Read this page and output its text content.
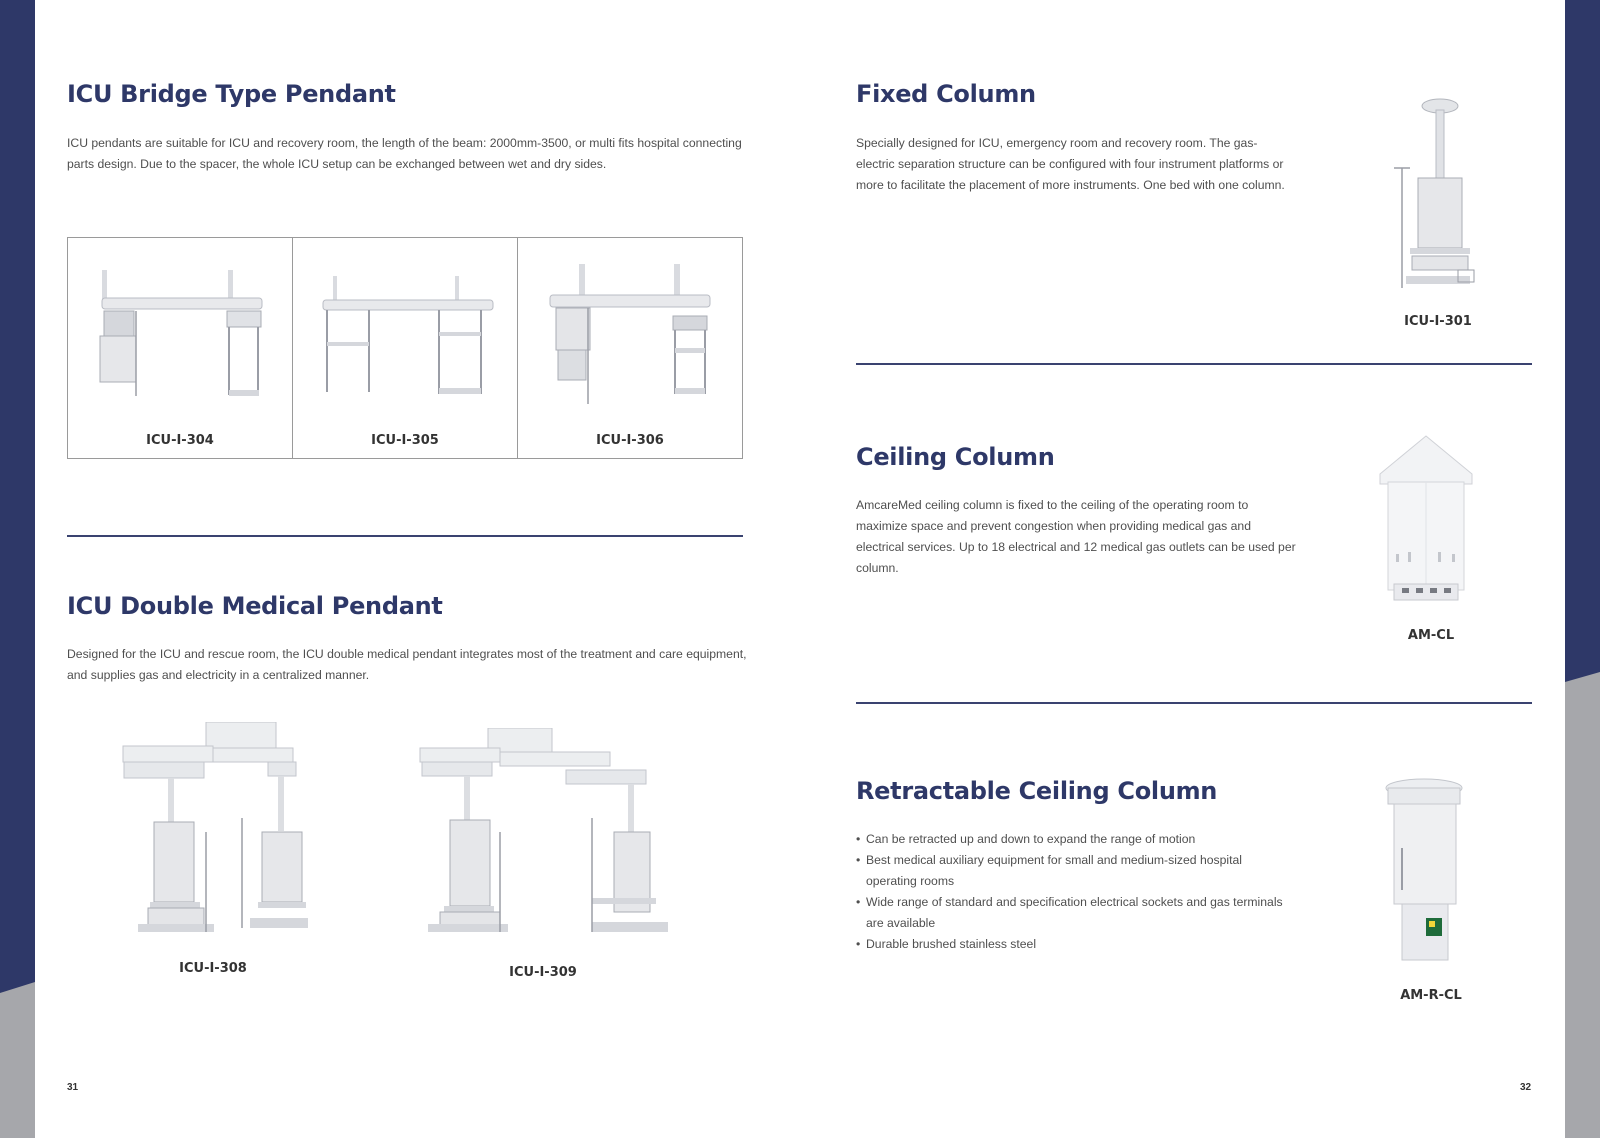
ICU Bridge Type Pendant

ICU pendants are suitable for ICU and recovery room, the length of the beam: 2000mm-3500, or multi fits hospital connecting parts design. Due to the spacer, the whole ICU setup can be exchanged between wet and dry sides.

ICU-I-304	ICU-I-305	ICU-I-306
ICU Double Medical Pendant

Designed for the ICU and rescue room, the ICU double medical pendant integrates most of the treatment and care equipment, and supplies gas and electricity in a centralized manner.

ICU-I-308	ICU-I-309
31
Fixed Column

Specially designed for ICU, emergency room and recovery room. The gas-electric separation structure can be configured with four instrument platforms or more to facilitate the placement of more instruments. One bed with one column.

ICU-I-301
Ceiling Column

AmcareMed ceiling column is fixed to the ceiling of the operating room to maximize space and prevent congestion when providing medical gas and electrical services. Up to 18 electrical and 12 medical gas outlets can be used per column.

AM-CL
Retractable Ceiling Column
• Can be retracted up and down to expand the range of motion
• Best medical auxiliary equipment for small and medium-sized hospital operating rooms
• Wide range of standard and specification electrical sockets and gas terminals are available
• Durable brushed stainless steel
AM-R-CL
32
